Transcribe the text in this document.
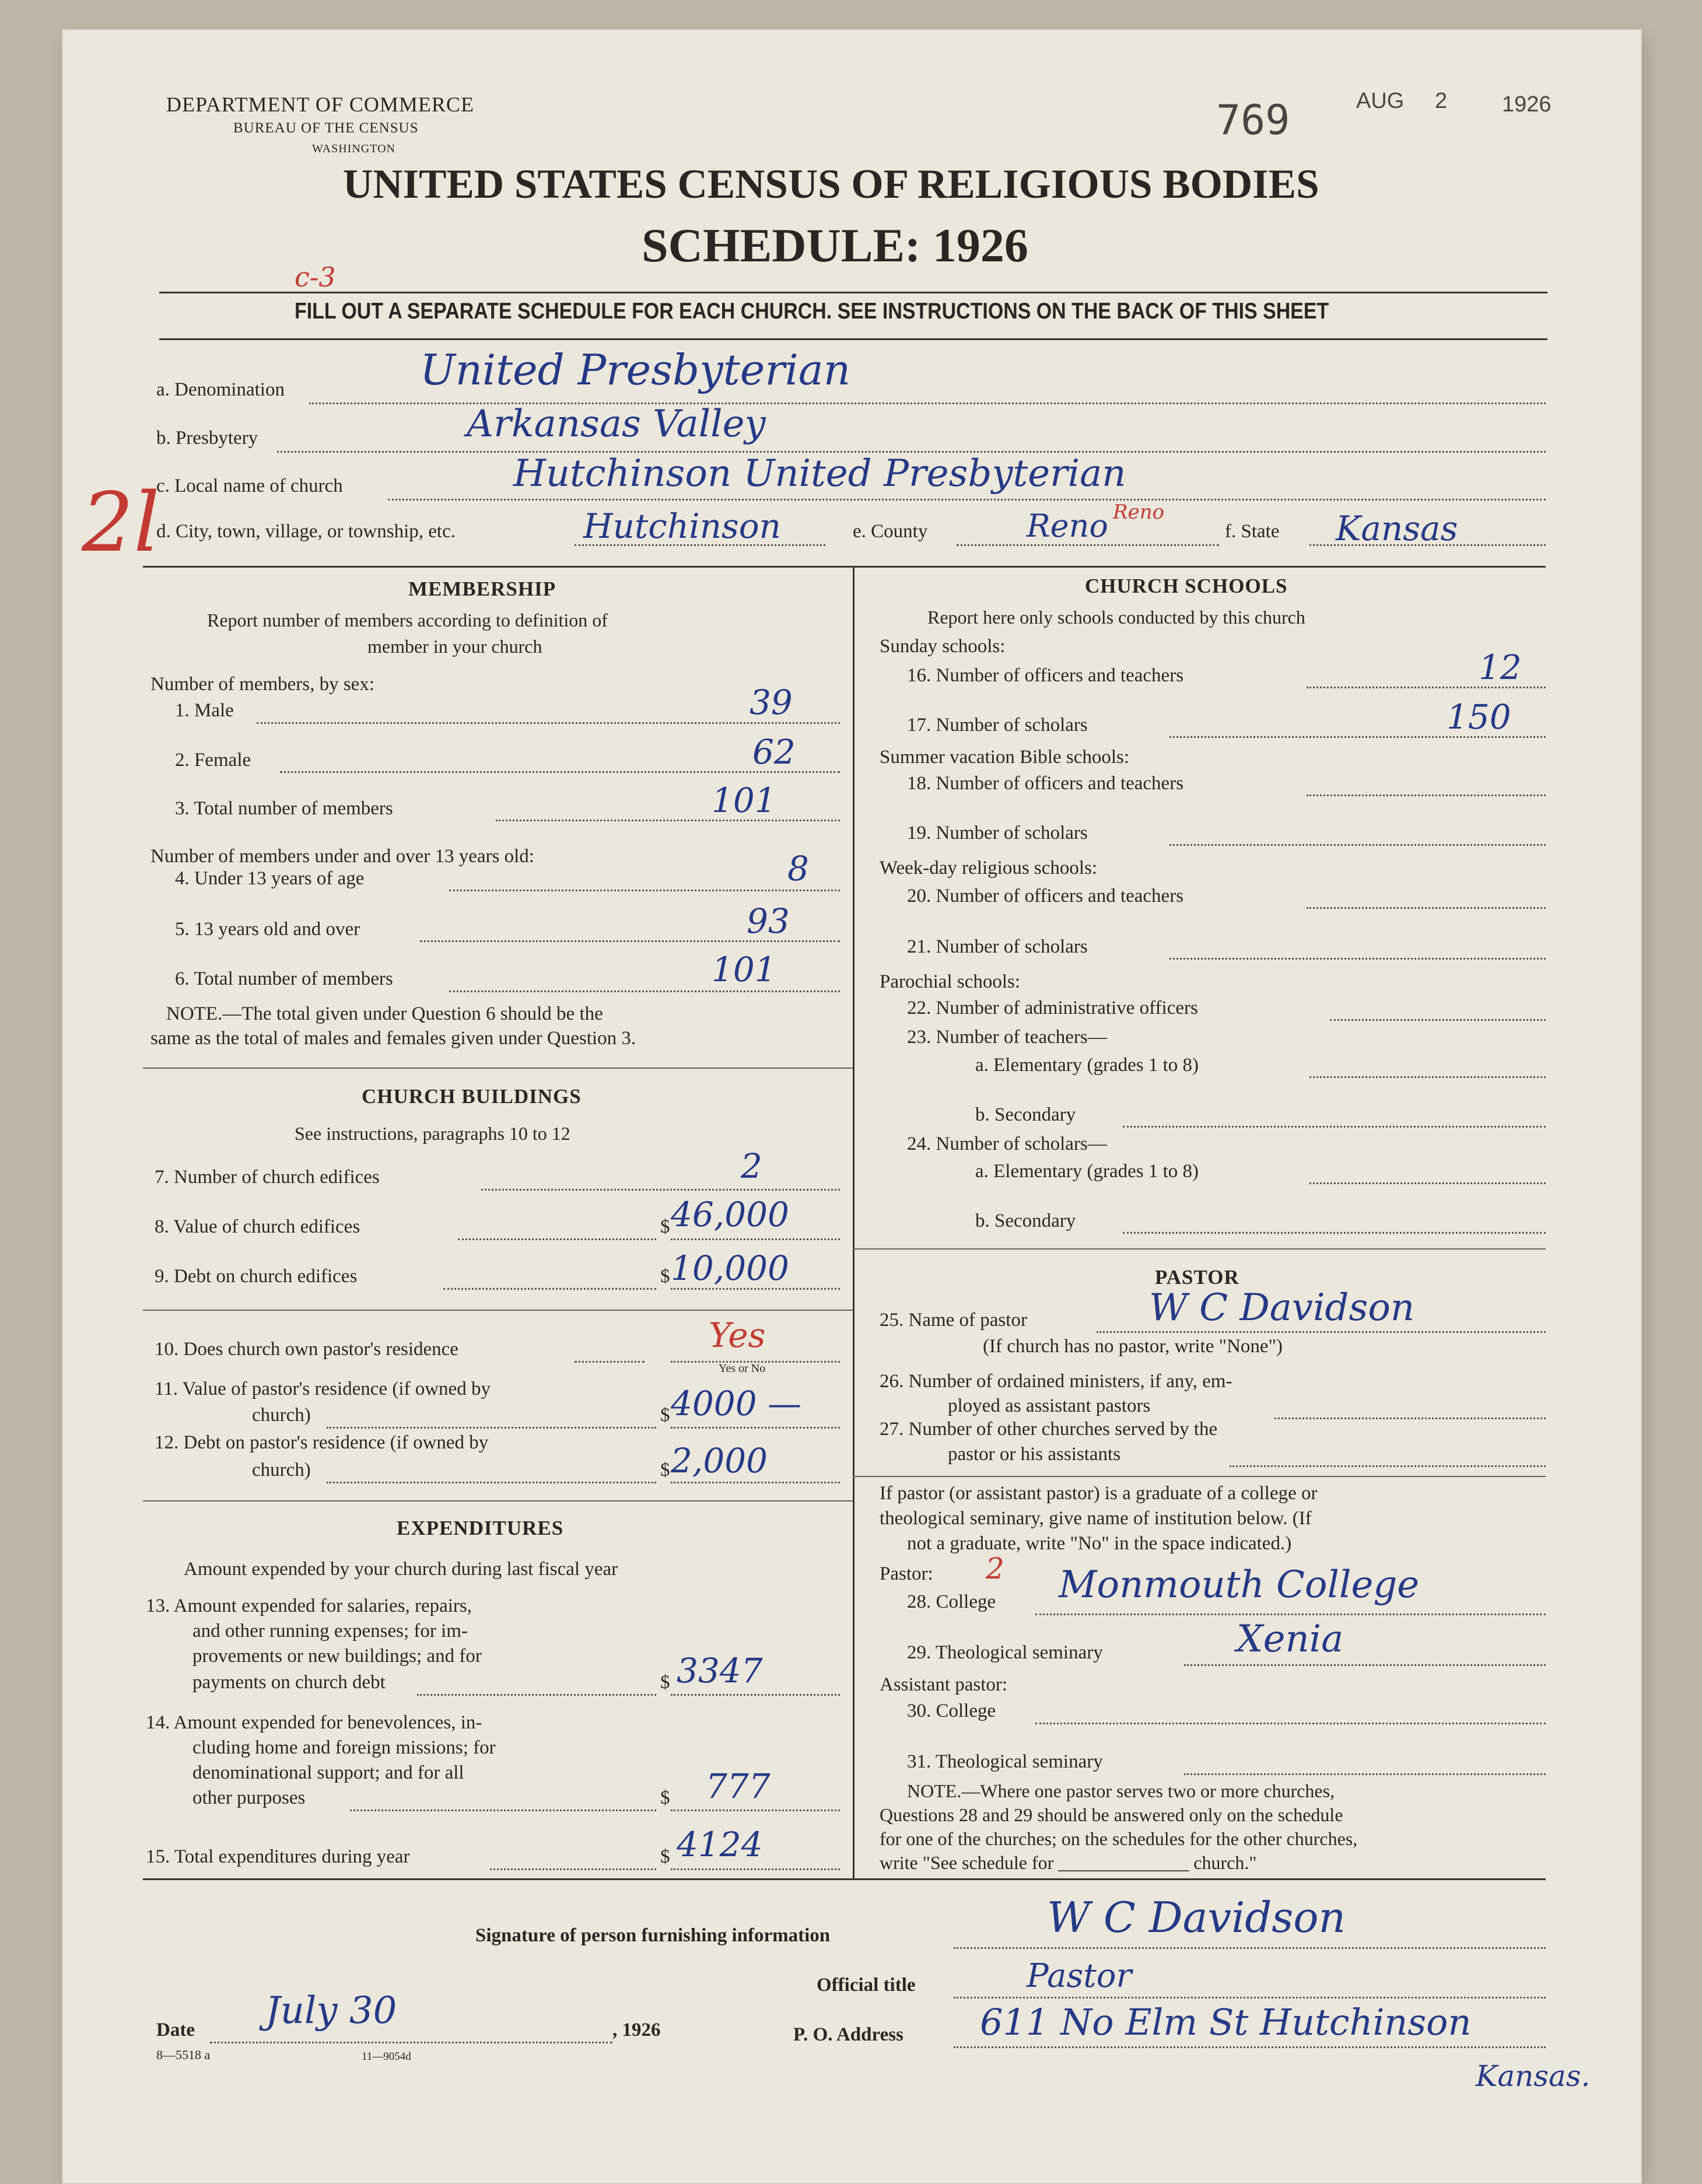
DEPARTMENT OF COMMERCE
BUREAU OF THE CENSUS
WASHINGTON
769	AUG 2 1926
UNITED STATES CENSUS OF RELIGIOUS BODIES
SCHEDULE: 1926
FILL OUT A SEPARATE SCHEDULE FOR EACH CHURCH. SEE INSTRUCTIONS ON THE BACK OF THIS SHEET
c-3
a. Denomination	United Presbyterian
b. Presbytery	Arkansas Valley
c. Local name of church	Hutchinson United Presbyterian
d. City, town, village, or township, etc.	Hutchinson	e. County	Reno Reno
f. State Kansas
2l
MEMBERSHIP
Report number of members according to definition of
member in your church
Number of members, by sex:
1. Male	39
2. Female	62
3. Total number of members	101
Number of members under and over 13 years old:
4. Under 13 years of age	8
5. 13 years old and over	93
6. Total number of members	101
NOTE.—The total given under Question 6 should be the
same as the total of males and females given under Question 3.
CHURCH BUILDINGS
See instructions, paragraphs 10 to 12
7. Number of church edifices	2
8. Value of church edifices	$ 46,000
9. Debt on church edifices	$ 10,000
10. Does church own pastor's residence	Yes
Yes or No
11. Value of pastor's residence (if owned by
church)	$ 4000 —
12. Debt on pastor's residence (if owned by
church)	$ 2,000
EXPENDITURES
Amount expended by your church during last fiscal year
13. Amount expended for salaries, repairs,
and other running expenses; for im-
provements or new buildings; and for
payments on church debt	$ 3347
14. Amount expended for benevolences, in-
cluding home and foreign missions; for
denominational support; and for all
other purposes	$ 777
15. Total expenditures during year	$ 4124
CHURCH SCHOOLS
Report here only schools conducted by this church
Sunday schools:
16. Number of officers and teachers	12
17. Number of scholars	150
Summer vacation Bible schools:
18. Number of officers and teachers
19. Number of scholars
Week-day religious schools:
20. Number of officers and teachers
21. Number of scholars
Parochial schools:
22. Number of administrative officers
23. Number of teachers—
a. Elementary (grades 1 to 8)
b. Secondary
24. Number of scholars—
a. Elementary (grades 1 to 8)
b. Secondary
PASTOR
25. Name of pastor	W C Davidson
(If church has no pastor, write "None")
26. Number of ordained ministers, if any, em-
ployed as assistant pastors
27. Number of other churches served by the
pastor or his assistants
If pastor (or assistant pastor) is a graduate of a college or
theological seminary, give name of institution below. (If
not a graduate, write "No" in the space indicated.)
Pastor: 2
28. College Monmouth College
29. Theological seminary	Xenia
Assistant pastor:
30. College
31. Theological seminary
NOTE.—Where one pastor serves two or more churches,
Questions 28 and 29 should be answered only on the schedule
for one of the churches; on the schedules for the other churches,
write "See schedule for ______________ church."
Signature of person furnishing information	W C Davidson
Official title	Pastor
Date July 30	, 1926	P. O. Address 611 No Elm St Hutchinson
Kansas.
8—5518 a	11—9054d
